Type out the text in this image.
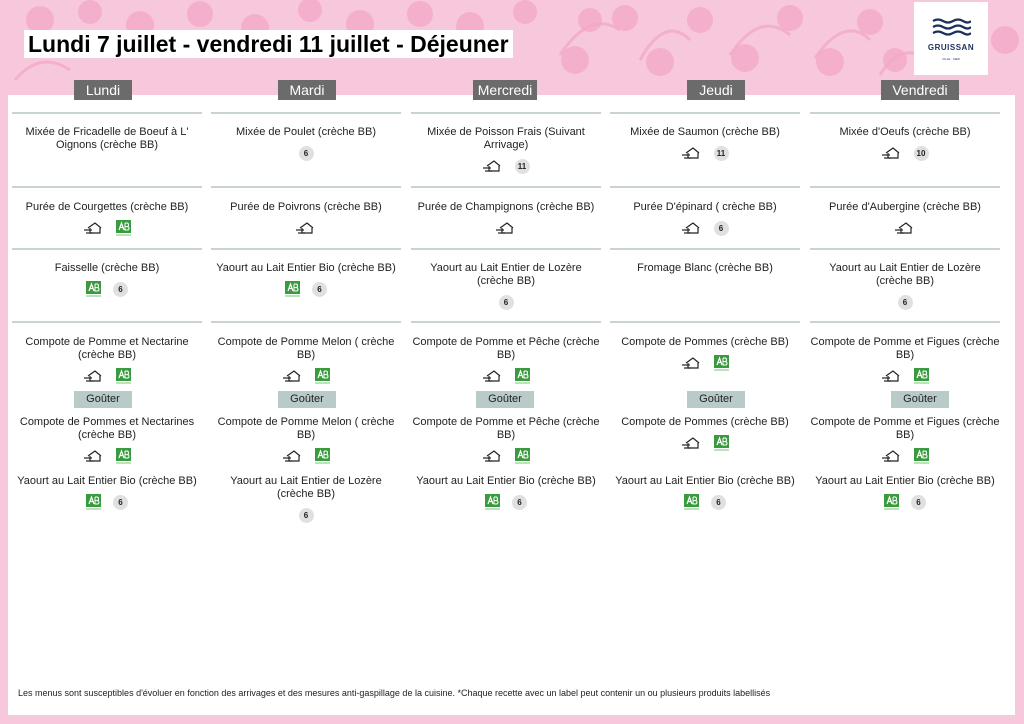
Lundi 7 juillet - vendredi 11 juillet - Déjeuner	GRUISSAN
VILLE · MER
Lundi
Mixée de Fricadelle de Boeuf à L' Oignons (crèche BB)
Purée de Courgettes (crèche BB)
Faisselle (crèche BB)
6
Compote de Pomme et Nectarine (crèche BB)
Goûter
Compote de Pommes et Nectarines (crèche BB)
Yaourt au Lait Entier Bio (crèche BB)
6
Mardi
Mixée de Poulet (crèche BB)
6
Purée de Poivrons (crèche BB)
Yaourt au Lait Entier Bio (crèche BB)
6
Compote de Pomme Melon ( crèche BB)
Goûter
Compote de Pomme Melon ( crèche BB)
Yaourt au Lait Entier de Lozère (crèche BB)
6
Mercredi
Mixée de Poisson Frais (Suivant Arrivage)
11
Purée de Champignons (crèche BB)
Yaourt au Lait Entier de Lozère (crèche BB)
6
Compote de Pomme et Pêche (crèche BB)
Goûter
Compote de Pomme et Pêche (crèche BB)
Yaourt au Lait Entier Bio (crèche BB)
6
Jeudi
Mixée de Saumon (crèche BB)
11
Purée D'épinard ( crèche BB)
6
Fromage Blanc (crèche BB)
Compote de Pommes (crèche BB)
Goûter
Compote de Pommes (crèche BB)
Yaourt au Lait Entier Bio (crèche BB)
6
Vendredi
Mixée d'Oeufs (crèche BB)
10
Purée d'Aubergine (crèche BB)
Yaourt au Lait Entier de Lozère (crèche BB)
6
Compote de Pomme et Figues (crèche BB)
Goûter
Compote de Pomme et Figues (crèche BB)
Yaourt au Lait Entier Bio (crèche BB)
6
Les menus sont susceptibles d'évoluer en fonction des arrivages et des mesures anti-gaspillage de la cuisine. *Chaque recette avec un label peut contenir un ou plusieurs produits labellisés
